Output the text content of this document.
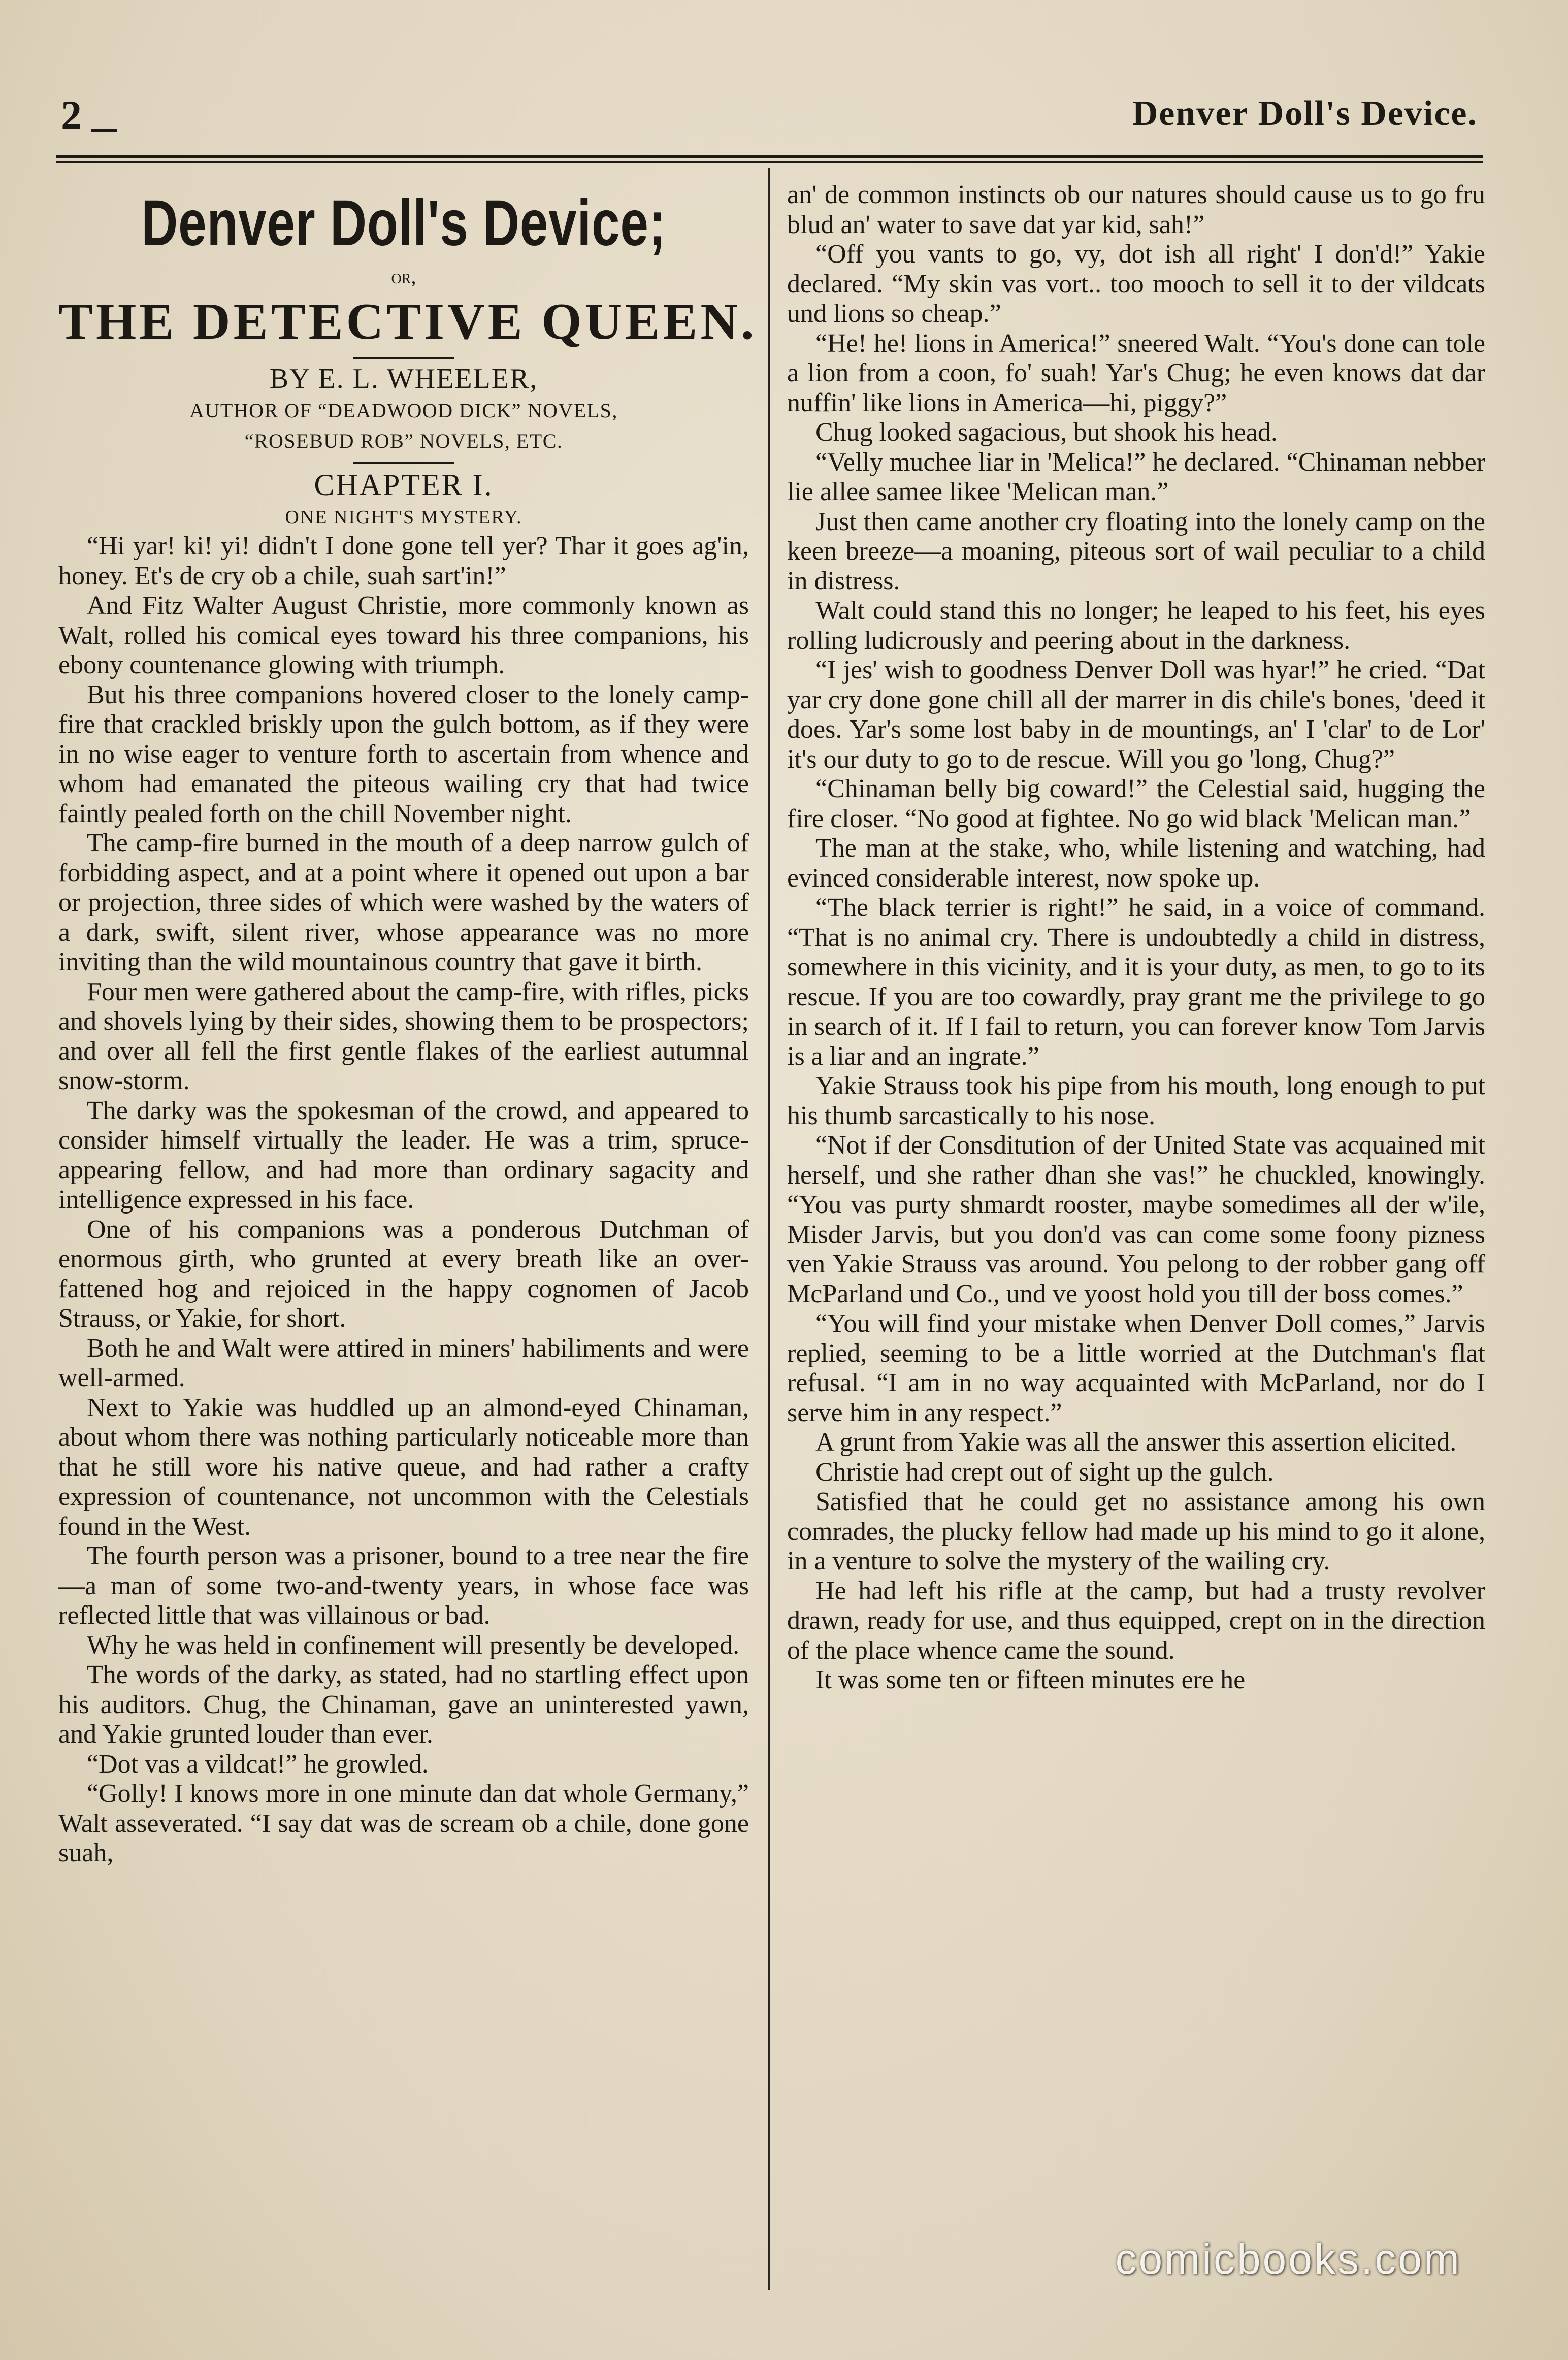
2	Denver Doll's Device.
Denver Doll's Device;

or,

THE DETECTIVE QUEEN.

BY E. L. WHEELER,

AUTHOR OF “DEADWOOD DICK” NOVELS,

“ROSEBUD ROB” NOVELS, ETC.

CHAPTER I.

ONE NIGHT'S MYSTERY.

“Hi yar! ki! yi! didn't I done gone tell yer? Thar it goes ag'in, honey. Et's de cry ob a chile, suah sart'in!”

And Fitz Walter August Christie, more commonly known as Walt, rolled his comical eyes toward his three companions, his ebony countenance glowing with triumph.

But his three companions hovered closer to the lonely camp-fire that crackled briskly upon the gulch bottom, as if they were in no wise eager to venture forth to ascertain from whence and whom had emanated the piteous wailing cry that had twice faintly pealed forth on the chill November night.

The camp-fire burned in the mouth of a deep narrow gulch of forbidding aspect, and at a point where it opened out upon a bar or projection, three sides of which were washed by the waters of a dark, swift, silent river, whose appearance was no more inviting than the wild mountainous country that gave it birth.

Four men were gathered about the camp-fire, with rifles, picks and shovels lying by their sides, showing them to be prospectors; and over all fell the first gentle flakes of the earliest autumnal snow-storm.

The darky was the spokesman of the crowd, and appeared to consider himself virtually the leader. He was a trim, spruce-appearing fellow, and had more than ordinary sagacity and intelligence expressed in his face.

One of his companions was a ponderous Dutchman of enormous girth, who grunted at every breath like an over-fattened hog and rejoiced in the happy cognomen of Jacob Strauss, or Yakie, for short.

Both he and Walt were attired in miners' habiliments and were well-armed.

Next to Yakie was huddled up an almond-eyed Chinaman, about whom there was nothing particularly noticeable more than that he still wore his native queue, and had rather a crafty expression of countenance, not uncommon with the Celestials found in the West.

The fourth person was a prisoner, bound to a tree near the fire—a man of some two-and-twenty years, in whose face was reflected little that was villainous or bad.

Why he was held in confinement will presently be developed.

The words of the darky, as stated, had no startling effect upon his auditors. Chug, the Chinaman, gave an uninterested yawn, and Yakie grunted louder than ever.

“Dot vas a vildcat!” he growled.

“Golly! I knows more in one minute dan dat whole Germany,” Walt asseverated. “I say dat was de scream ob a chile, done gone suah,

an' de common instincts ob our natures should cause us to go fru blud an' water to save dat yar kid, sah!”

“Off you vants to go, vy, dot ish all right' I don'd!” Yakie declared. “My skin vas vort.. too mooch to sell it to der vildcats und lions so cheap.”

“He! he! lions in America!” sneered Walt. “You's done can tole a lion from a coon, fo' suah! Yar's Chug; he even knows dat dar nuffin' like lions in America—hi, piggy?”

Chug looked sagacious, but shook his head.

“Velly muchee liar in 'Melica!” he declared. “Chinaman nebber lie allee samee likee 'Melican man.”

Just then came another cry floating into the lonely camp on the keen breeze—a moaning, piteous sort of wail peculiar to a child in distress.

Walt could stand this no longer; he leaped to his feet, his eyes rolling ludicrously and peering about in the darkness.

“I jes' wish to goodness Denver Doll was hyar!” he cried. “Dat yar cry done gone chill all der marrer in dis chile's bones, 'deed it does. Yar's some lost baby in de mountings, an' I 'clar' to de Lor' it's our duty to go to de rescue. Will you go 'long, Chug?”

“Chinaman belly big coward!” the Celestial said, hugging the fire closer. “No good at fightee. No go wid black 'Melican man.”

The man at the stake, who, while listening and watching, had evinced considerable interest, now spoke up.

“The black terrier is right!” he said, in a voice of command. “That is no animal cry. There is undoubtedly a child in distress, somewhere in this vicinity, and it is your duty, as men, to go to its rescue. If you are too cowardly, pray grant me the privilege to go in search of it. If I fail to return, you can forever know Tom Jarvis is a liar and an ingrate.”

Yakie Strauss took his pipe from his mouth, long enough to put his thumb sarcastically to his nose.

“Not if der Consditution of der United State vas acquained mit herself, und she rather dhan she vas!” he chuckled, knowingly. “You vas purty shmardt rooster, maybe somedimes all der w'ile, Misder Jarvis, but you don'd vas can come some foony pizness ven Yakie Strauss vas around. You pelong to der robber gang off McParland und Co., und ve yoost hold you till der boss comes.”

“You will find your mistake when Denver Doll comes,” Jarvis replied, seeming to be a little worried at the Dutchman's flat refusal. “I am in no way acquainted with McParland, nor do I serve him in any respect.”

A grunt from Yakie was all the answer this assertion elicited.

Christie had crept out of sight up the gulch.

Satisfied that he could get no assistance among his own comrades, the plucky fellow had made up his mind to go it alone, in a venture to solve the mystery of the wailing cry.

He had left his rifle at the camp, but had a trusty revolver drawn, ready for use, and thus equipped, crept on in the direction of the place whence came the sound.

It was some ten or fifteen minutes ere he

comicbooks.com
